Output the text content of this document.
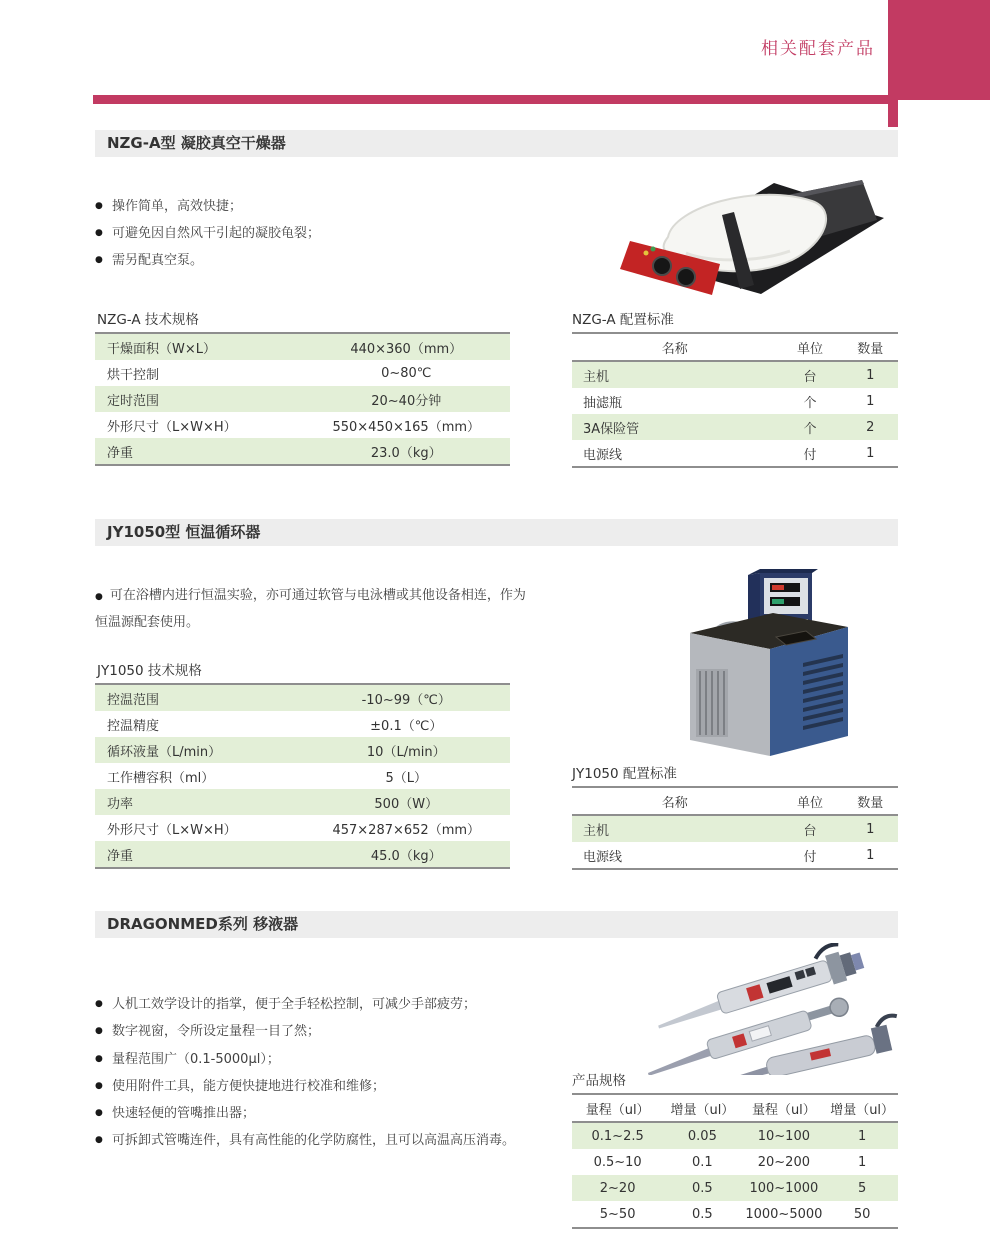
相关配套产品
NZG-A型 凝胶真空干燥器
● 操作简单，高效快捷；
● 可避免因自然风干引起的凝胶龟裂；
● 需另配真空泵。
NZG-A 技术规格
干燥面积（W×L）	440×360（mm）
烘干控制	0~80℃
定时范围	20~40分钟
外形尺寸（L×W×H）	550×450×165（mm）
净重	23.0（kg）
NZG-A 配置标准
名称	单位	数量
主机	台	1
抽滤瓶	个	1
3A保险管	个	2
电源线	付	1
JY1050型 恒温循环器
● 可在浴槽内进行恒温实验，亦可通过软管与电泳槽或其他设备相连，作为恒温源配套使用。
JY1050 技术规格
控温范围	-10~99（℃）
控温精度	±0.1（℃）
循环液量（L/min）	10（L/min）
工作槽容积（ml）	5（L）
功率	500（W）
外形尺寸（L×W×H）	457×287×652（mm）
净重	45.0（kg）
JY1050 配置标准
名称	单位	数量
主机	台	1
电源线	付	1
DRAGONMED系列 移液器
● 人机工效学设计的指掌，便于全手轻松控制，可减少手部疲劳；
● 数字视窗，令所设定量程一目了然；
● 量程范围广（0.1-5000μl）；
● 使用附件工具，能方便快捷地进行校准和维修；
● 快速轻便的管嘴推出器；
● 可拆卸式管嘴连件，具有高性能的化学防腐性，且可以高温高压消毒。
产品规格
量程（ul）	增量（ul）	量程（ul）	增量（ul）
0.1~2.5	0.05	10~100	1
0.5~10	0.1	20~200	1
2~20	0.5	100~1000	5
5~50	0.5	1000~5000	50
